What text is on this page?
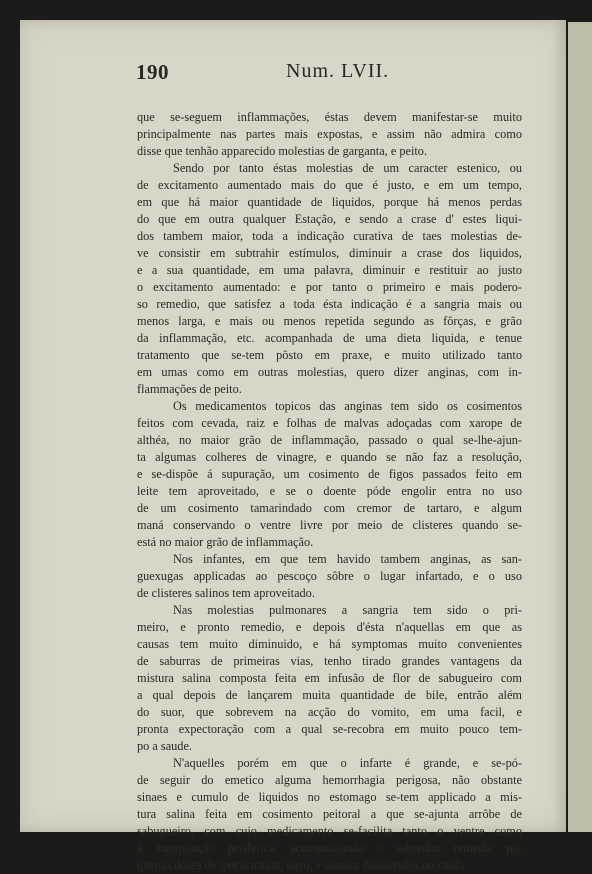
190	Num. LVII.
que se-seguem inflammações, éstas devem manifestar-se muito
principalmente nas partes mais expostas, e assim não admira como
disse que tenhão apparecido molestias de garganta, e peito.
Sendo por tanto éstas molestias de um caracter estenico, ou
de excitamento aumentado mais do que é justo, e em um tempo,
em que há maior quantidade de liquidos, porque há menos perdas
do que em outra qualquer Estação, e sendo a crase d' estes liqui-
dos tambem maior, toda a indicação curativa de taes molestias de-
ve consistir em subtrahir estímulos, diminuir a crase dos liquidos,
e a sua quantidade, em uma palavra, diminuir e restituir ao justo
o excitamento aumentado: e por tanto o primeiro e mais podero-
so remedio, que satisfez a toda ésta indicação é a sangria mais ou
menos larga, e mais ou menos repetida segundo as fôrças, e grão
da inflammação, etc. acompanhada de uma dieta liquida, e tenue
tratamento que se-tem pôsto em praxe, e muito utilizado tanto
em umas como em outras molestias, quero dizer anginas, com in-
flammações de peito.
Os medicamentos topicos das anginas tem sido os cosimentos
feitos com cevada, raiz e folhas de malvas adoçadas com xarope de
althéa, no maior grão de inflammação, passado o qual se-lhe-ajun-
ta algumas colheres de vinagre, e quando se não faz a resolução,
e se-dispõe á supuração, um cosimento de figos passados feito em
leite tem aproveitado, e se o doente póde engolir entra no uso
de um cosimento tamarindado com cremor de tartaro, e algum
maná conservando o ventre livre por meio de clisteres quando se-
está no maior grão de inflammação.
Nos infantes, em que tem havido tambem anginas, as san-
guexugas applicadas ao pescoço sôbre o lugar infartado, e o uso
de clisteres salinos tem aproveitado.
Nas molestias pulmonares a sangria tem sido o pri-
meiro, e pronto remedio, e depois d'ésta n'aquellas em que as
causas tem muito diminuido, e há symptomas muito convenientes
de saburras de primeiras vias, tenho tirado grandes vantagens da
mistura salina composta feita em infusão de flor de sabugueiro com
a qual depois de lançarem muita quantidade de bile, entrão além
do suor, que sobrevem na acção do vomito, em uma facil, e
pronta expectoração com a qual se-recobra em muito pouco tem-
po a saude.
N'aquelles porém em que o infarte é grande, e se-pó-
de seguir do emetico alguma hemorrhagia perigosa, não obstante
sinaes e cumulo de liquidos no estomago se-tem applicado a mis-
tura salina feita em cosimento peitoral a que se-ajunta arrôbe de
sabugueiro, com cujo medicamento se-facilita tanto o ventre como
a transpiração periferica, acompanhando o sobredito remedio pe-
quenas dóses de ipecacuanha, nitro, e assucar dissolvidos no caldo
